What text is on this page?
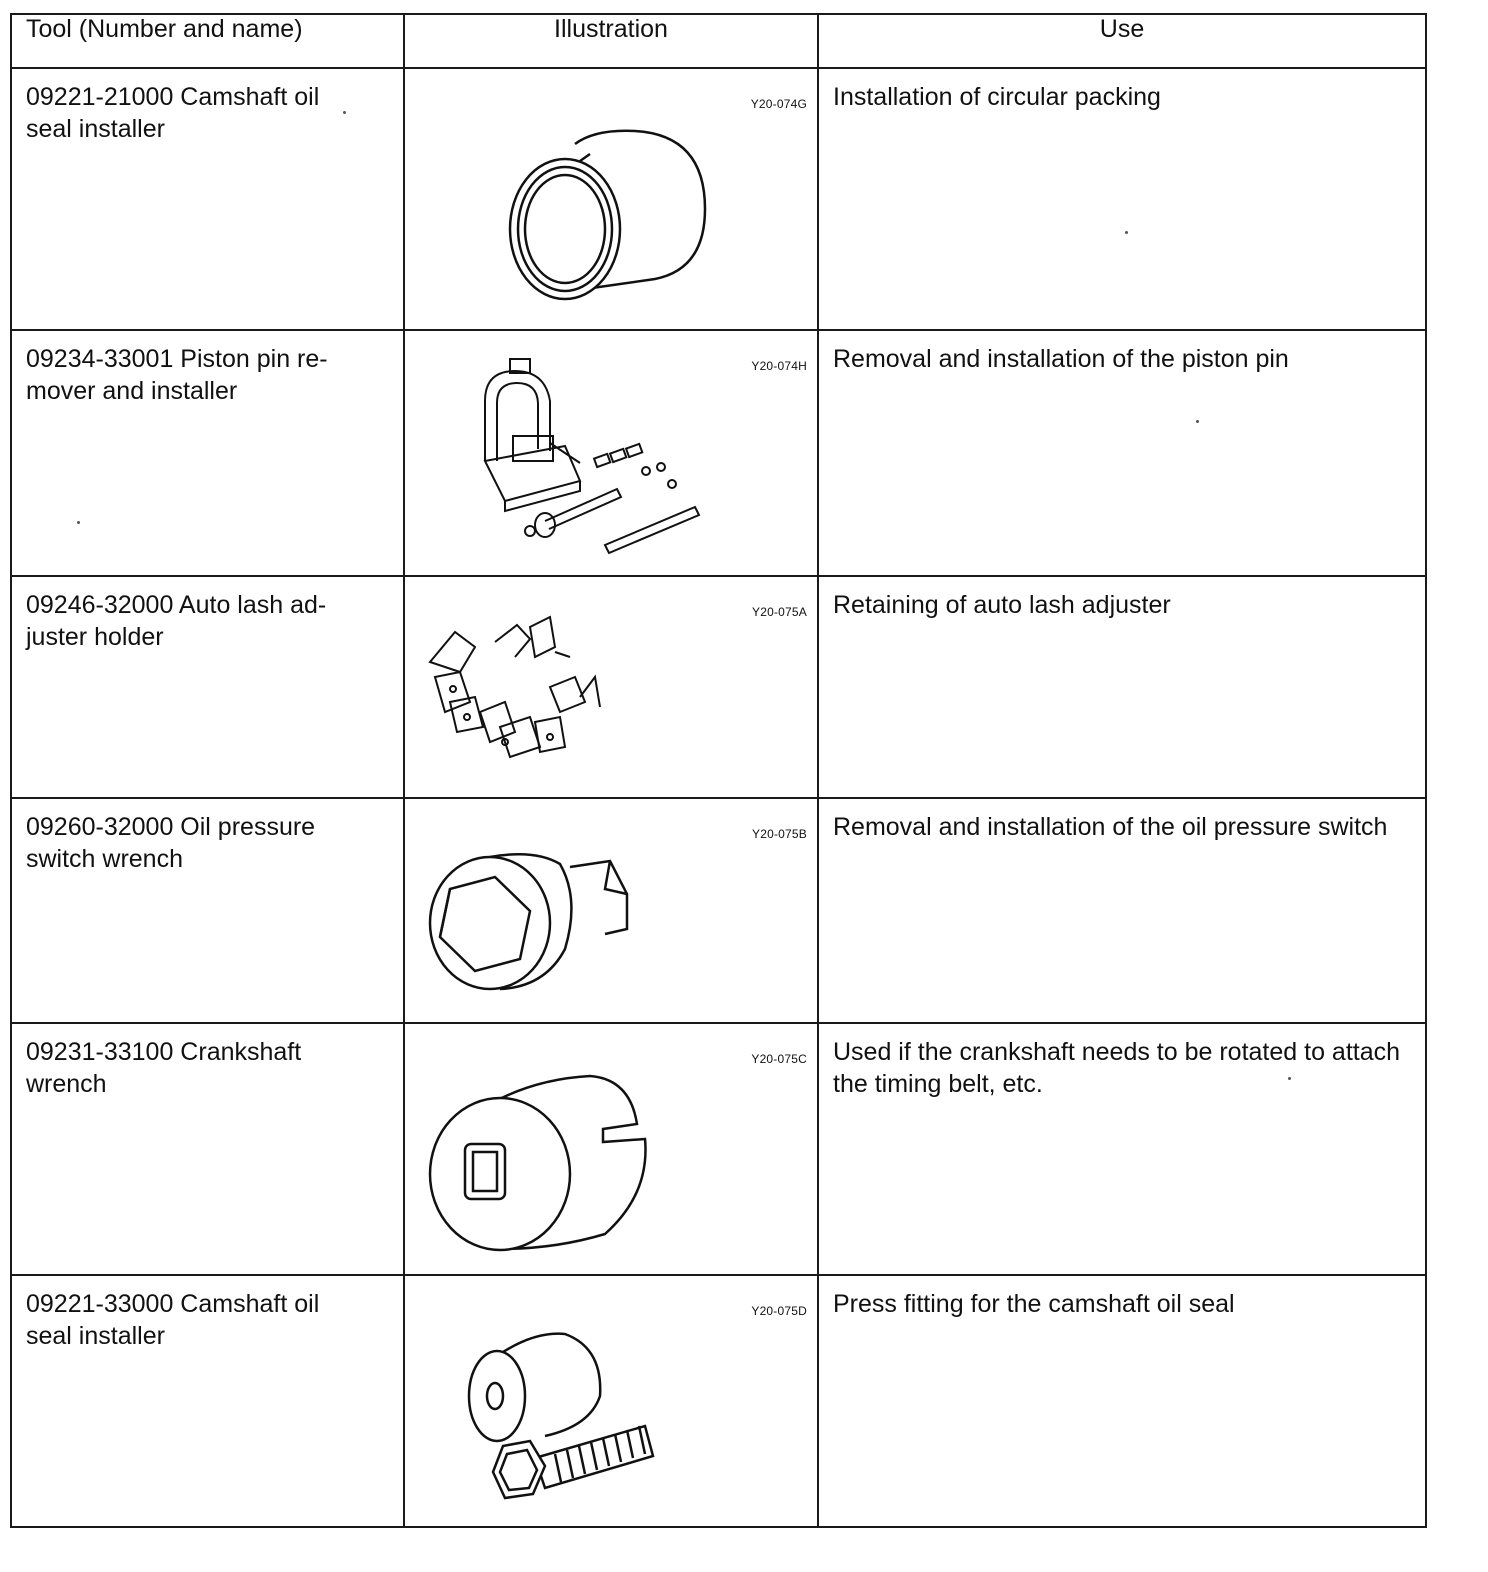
Tool (Number and name)	Illustration	Use

09221-21000 Camshaft oil seal installer	Y20-074G	Installation of circular packing

09234-33001 Piston pin re-mover and installer	Y20-074H	Removal and installation of the piston pin

09246-32000 Auto lash ad-juster holder	Y20-075A	Retaining of auto lash adjuster

09260-32000 Oil pressure switch wrench	Y20-075B	Removal and installation of the oil pressure switch

09231-33100 Crankshaft wrench	Y20-075C	Used if the crankshaft needs to be rotated to attach the timing belt, etc.

09221-33000 Camshaft oil seal installer	Y20-075D	Press fitting for the camshaft oil seal
